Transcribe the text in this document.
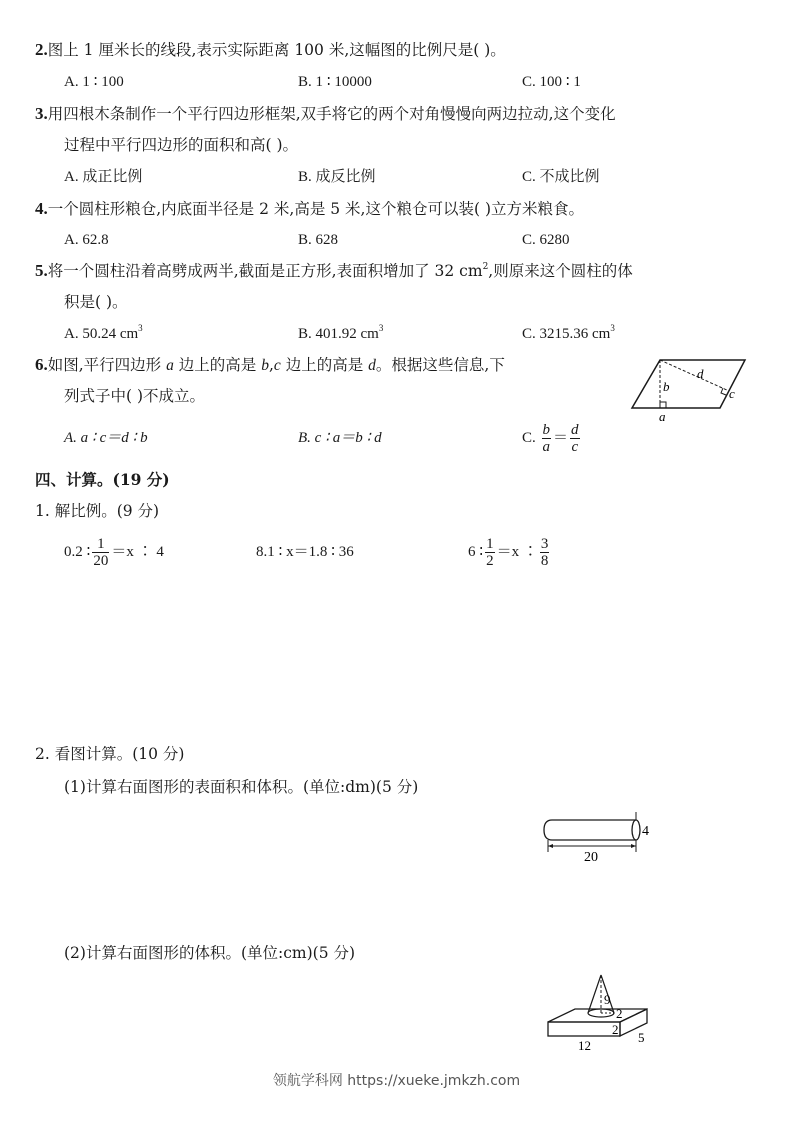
2.图上 1 厘米长的线段,表示实际距离 100 米,这幅图的比例尺是( )。
A. 1 ∶ 100	B. 1 ∶ 10000	C. 100 ∶ 1
3.用四根木条制作一个平行四边形框架,双手将它的两个对角慢慢向两边拉动,这个变化
过程中平行四边形的面积和高( )。
A. 成正比例	B. 成反比例	C. 不成比例
4.一个圆柱形粮仓,内底面半径是 2 米,高是 5 米,这个粮仓可以装( )立方米粮食。
A. 62.8	B. 628	C. 6280
5.将一个圆柱沿着高劈成两半,截面是正方形,表面积增加了 32 $cm^2$,则原来这个圆柱的体
积是( )。
A. 50.24 $cm^3$	B. 401.92 $cm^3$	C. 3215.36 $cm^3$
6.如图,平行四边形 a 边上的高是 b,c 边上的高是 d。根据这些信息,下
列式子中( )不成立。
A. a ∶ c＝d ∶ b	B. c ∶ a＝b ∶ d	C. $\frac{b}{a} = \frac{d}{c}$
b
d
c
a
四、计算。(19 分)
1. 解比例。(9 分)
0.2 ∶ $\frac{1}{20} =x$ ∶ 4	8.1 ∶ x＝1.8 ∶ 36	6 ∶ $\frac{1}{2} =x$ ∶ $\frac{3}{8}$
2. 看图计算。(10 分)
(1)计算右面图形的表面积和体积。(单位:dm)(5 分)
4
20
(2)计算右面图形的体积。(单位:cm)(5 分)
9
2
2
12
5
领航学科网 https://xueke.jmkzh.com
